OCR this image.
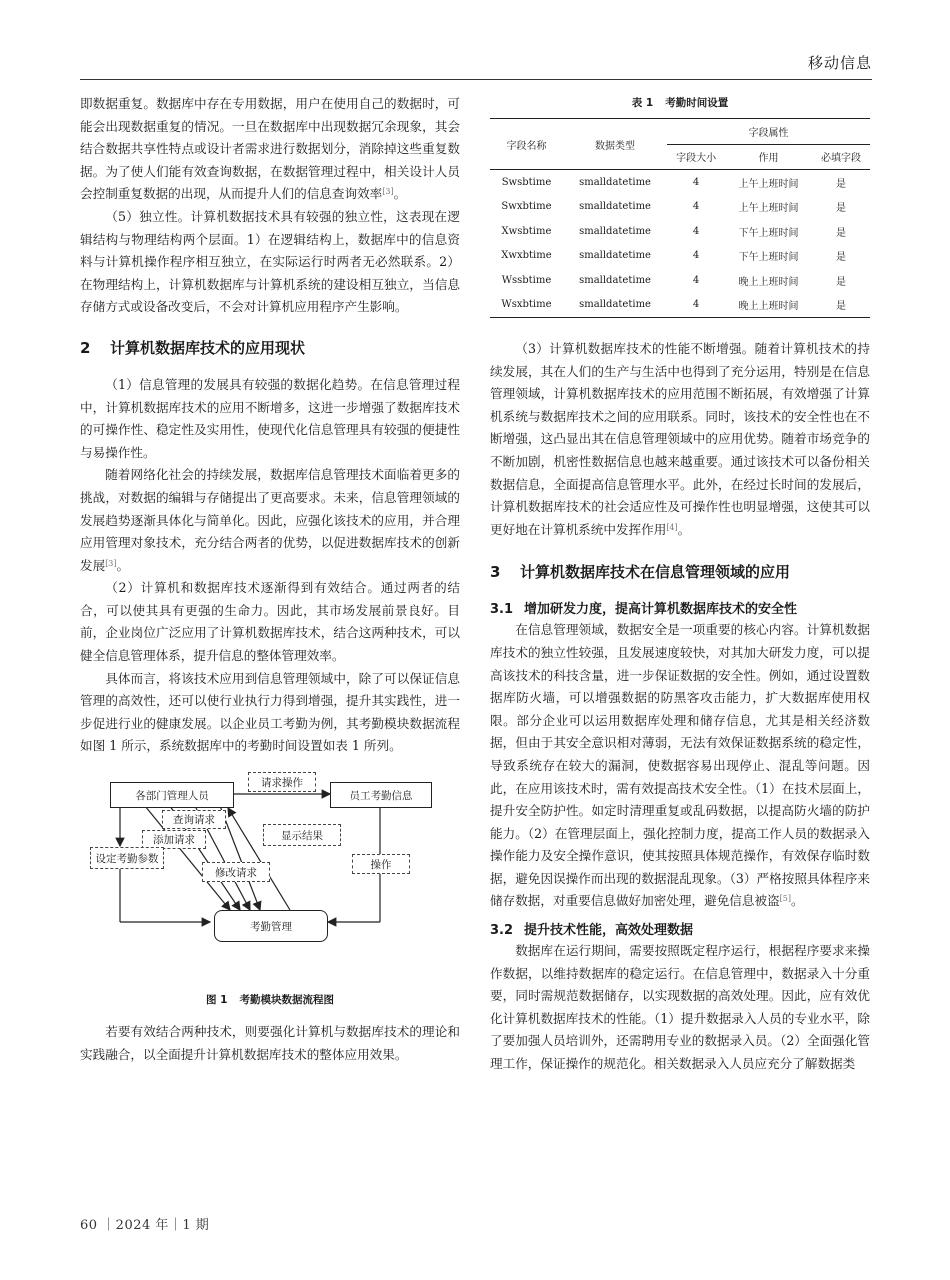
移动信息

即数据重复。数据库中存在专用数据，用户在使用自己的数据时，可能会出现数据重复的情况。一旦在数据库中出现数据冗余现象，其会结合数据共享性特点或设计者需求进行数据划分，消除掉这些重复数据。为了使人们能有效查询数据，在数据管理过程中，相关设计人员会控制重复数据的出现，从而提升人们的信息查询效率[3]。

（5）独立性。计算机数据技术具有较强的独立性，这表现在逻辑结构与物理结构两个层面。1）在逻辑结构上，数据库中的信息资料与计算机操作程序相互独立，在实际运行时两者无必然联系。2）在物理结构上，计算机数据库与计算机系统的建设相互独立，当信息存储方式或设备改变后，不会对计算机应用程序产生影响。

2 计算机数据库技术的应用现状

（1）信息管理的发展具有较强的数据化趋势。在信息管理过程中，计算机数据库技术的应用不断增多，这进一步增强了数据库技术的可操作性、稳定性及实用性，使现代化信息管理具有较强的便捷性与易操作性。

随着网络化社会的持续发展，数据库信息管理技术面临着更多的挑战，对数据的编辑与存储提出了更高要求。未来，信息管理领域的发展趋势逐渐具体化与简单化。因此，应强化该技术的应用，并合理应用管理对象技术，充分结合两者的优势，以促进数据库技术的创新发展[3]。

（2）计算机和数据库技术逐渐得到有效结合。通过两者的结合，可以使其具有更强的生命力。因此，其市场发展前景良好。目前，企业岗位广泛应用了计算机数据库技术，结合这两种技术，可以健全信息管理体系，提升信息的整体管理效率。

具体而言，将该技术应用到信息管理领域中，除了可以保证信息管理的高效性，还可以使行业执行力得到增强，提升其实践性，进一步促进行业的健康发展。以企业员工考勤为例，其考勤模块数据流程如图 1 所示，系统数据库中的考勤时间设置如表 1 所列。

各部门管理人员	员工考勤信息
请求操作
查询请求
添加请求	显示结果
设定考勤参数
修改请求
操作
考勤管理
图 1 考勤模块数据流程图

若要有效结合两种技术，则要强化计算机与数据库技术的理论和实践融合，以全面提升计算机数据库技术的整体应用效果。

表 1 考勤时间设置
字段名称	数据类型	字段属性		
		字段大小	作用	必填字段
Swsbtime	smalldatetime	4	上午上班时间	是
Swxbtime	smalldatetime	4	上午上班时间	是
Xwsbtime	smalldatetime	4	下午上班时间	是
Xwxbtime	smalldatetime	4	下午上班时间	是
Wssbtime	smalldatetime	4	晚上上班时间	是
Wsxbtime	smalldatetime	4	晚上上班时间	是

（3）计算机数据库技术的性能不断增强。随着计算机技术的持续发展，其在人们的生产与生活中也得到了充分运用，特别是在信息管理领域，计算机数据库技术的应用范围不断拓展，有效增强了计算机系统与数据库技术之间的应用联系。同时，该技术的安全性也在不断增强，这凸显出其在信息管理领域中的应用优势。随着市场竞争的不断加剧，机密性数据信息也越来越重要。通过该技术可以备份相关数据信息，全面提高信息管理水平。此外，在经过长时间的发展后，计算机数据库技术的社会适应性及可操作性也明显增强，这使其可以更好地在计算机系统中发挥作用[4]。

3 计算机数据库技术在信息管理领域的应用
3.1 增加研发力度，提高计算机数据库技术的安全性

在信息管理领域，数据安全是一项重要的核心内容。计算机数据库技术的独立性较强，且发展速度较快，对其加大研发力度，可以提高该技术的科技含量，进一步保证数据的安全性。例如，通过设置数据库防火墙，可以增强数据的防黑客攻击能力，扩大数据库使用权限。部分企业可以运用数据库处理和储存信息，尤其是相关经济数据，但由于其安全意识相对薄弱，无法有效保证数据系统的稳定性，导致系统存在较大的漏洞，使数据容易出现停止、混乱等问题。因此，在应用该技术时，需有效提高技术安全性。（1）在技术层面上，提升安全防护性。如定时清理重复或乱码数据，以提高防火墙的防护能力。（2）在管理层面上，强化控制力度，提高工作人员的数据录入操作能力及安全操作意识，使其按照具体规范操作，有效保存临时数据，避免因误操作而出现的数据混乱现象。（3）严格按照具体程序来储存数据，对重要信息做好加密处理，避免信息被盗[5]。

3.2 提升技术性能，高效处理数据

数据库在运行期间，需要按照既定程序运行，根据程序要求来操作数据，以维持数据库的稳定运行。在信息管理中，数据录入十分重要，同时需规范数据储存，以实现数据的高效处理。因此，应有效优化计算机数据库技术的性能。（1）提升数据录入人员的专业水平，除了要加强人员培训外，还需聘用专业的数据录入员。（2）全面强化管理工作，保证操作的规范化。相关数据录入人员应充分了解数据类

60 ｜2024 年｜1 期
